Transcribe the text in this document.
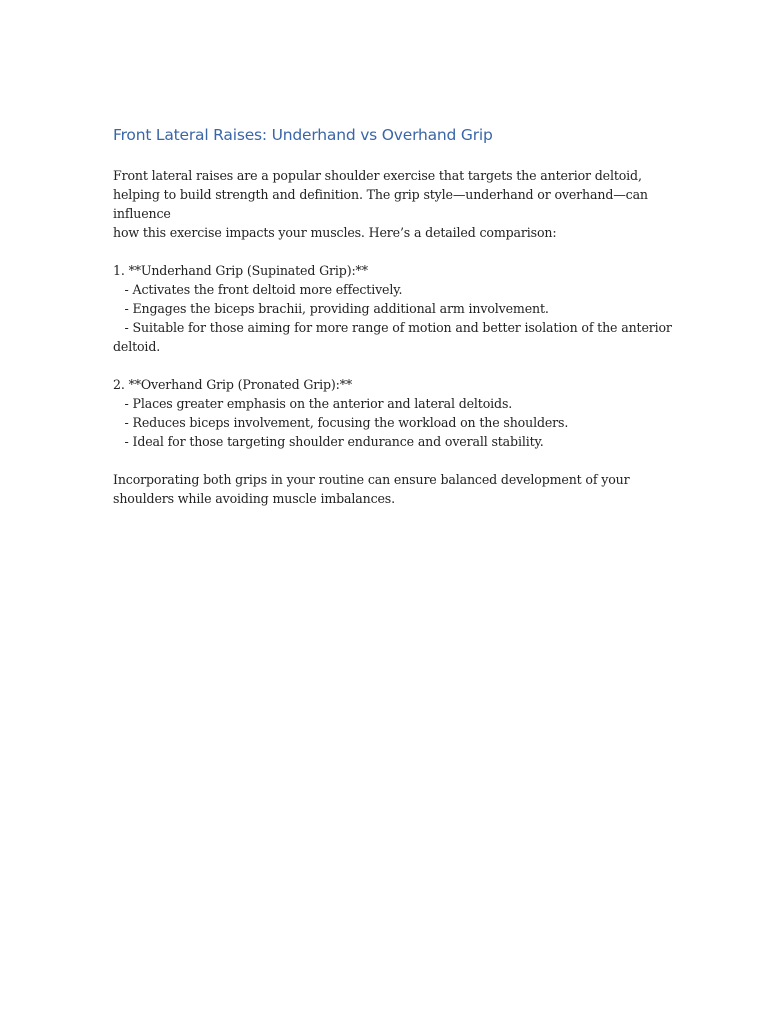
Front Lateral Raises: Underhand vs Overhand Grip

Front lateral raises are a popular shoulder exercise that targets the anterior deltoid,

helping to build strength and definition. The grip style—underhand or overhand—can

influence

how this exercise impacts your muscles. Here’s a detailed comparison:

1. **Underhand Grip (Supinated Grip):**

- Activates the front deltoid more effectively.

- Engages the biceps brachii, providing additional arm involvement.

- Suitable for those aiming for more range of motion and better isolation of the anterior

deltoid.

2. **Overhand Grip (Pronated Grip):**

- Places greater emphasis on the anterior and lateral deltoids.

- Reduces biceps involvement, focusing the workload on the shoulders.

- Ideal for those targeting shoulder endurance and overall stability.

Incorporating both grips in your routine can ensure balanced development of your

shoulders while avoiding muscle imbalances.
